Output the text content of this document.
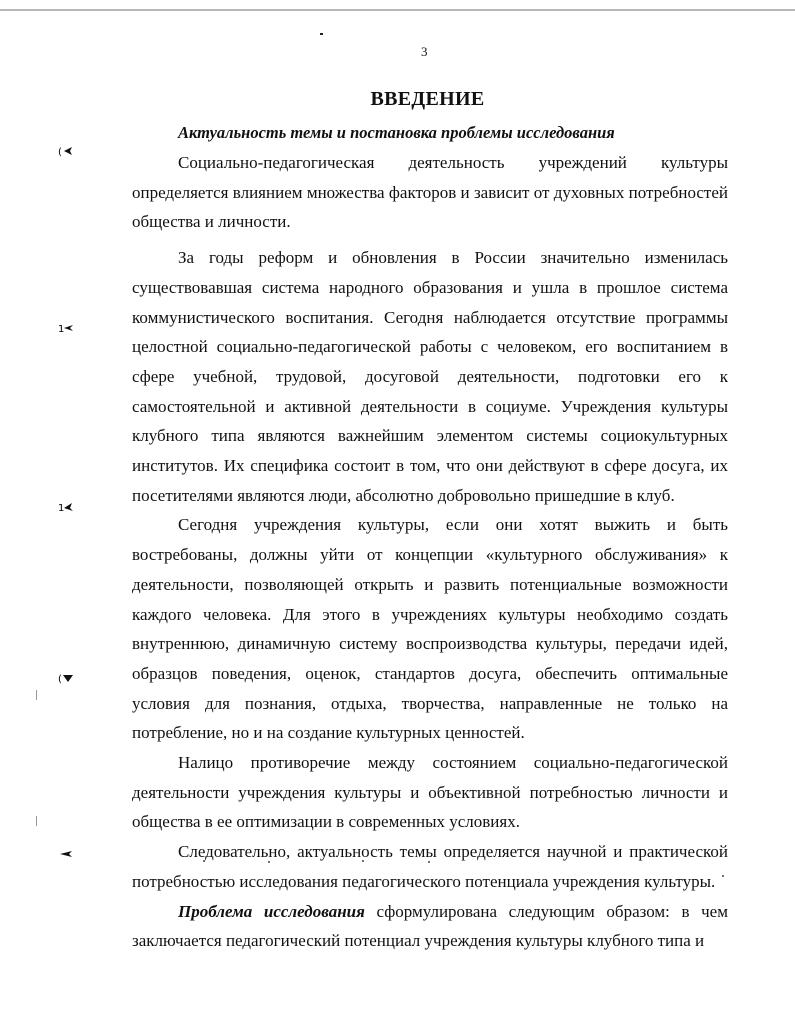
3
ВВЕДЕНИЕ
Актуальность темы и постановка проблемы исследования
(
1
1
(

Социально-педагогическая деятельность учреждений культуры определяется влиянием множества факторов и зависит от духовных потребностей общества и личности.

За годы реформ и обновления в России значительно изменилась существовавшая система народного образования и ушла в прошлое система коммунистического воспитания. Сегодня наблюдается отсутствие программы целостной социально-педагогической работы с человеком, его воспитанием в сфере учебной, трудовой, досуговой деятельности, подготовки его к самостоятельной и активной деятельности в социуме. Учреждения культуры клубного типа являются важнейшим элементом системы социокультурных институтов. Их специфика состоит в том, что они действуют в сфере досуга, их посетителями являются люди, абсолютно добровольно пришедшие в клуб.

Сегодня учреждения культуры, если они хотят выжить и быть востребованы, должны уйти от концепции «культурного обслуживания» к деятельности, позволяющей открыть и развить потенциальные возможности каждого человека. Для этого в учреждениях культуры необходимо создать внутреннюю, динамичную систему воспроизводства культуры, передачи идей, образцов поведения, оценок, стандартов досуга, обеспечить оптимальные условия для познания, отдыха, творчества, направленные не только на потребление, но и на создание культурных ценностей.

Налицо противоречие между состоянием социально-педагогической деятельности учреждения культуры и объективной потребностью личности и общества в ее оптимизации в современных условиях.

Следовательно, актуальность темы определяется научной и практической потребностью исследования педагогического потенциала учреждения культуры.

Проблема исследования сформулирована следующим образом: в чем заключается педагогический потенциал учреждения культуры клубного типа и
